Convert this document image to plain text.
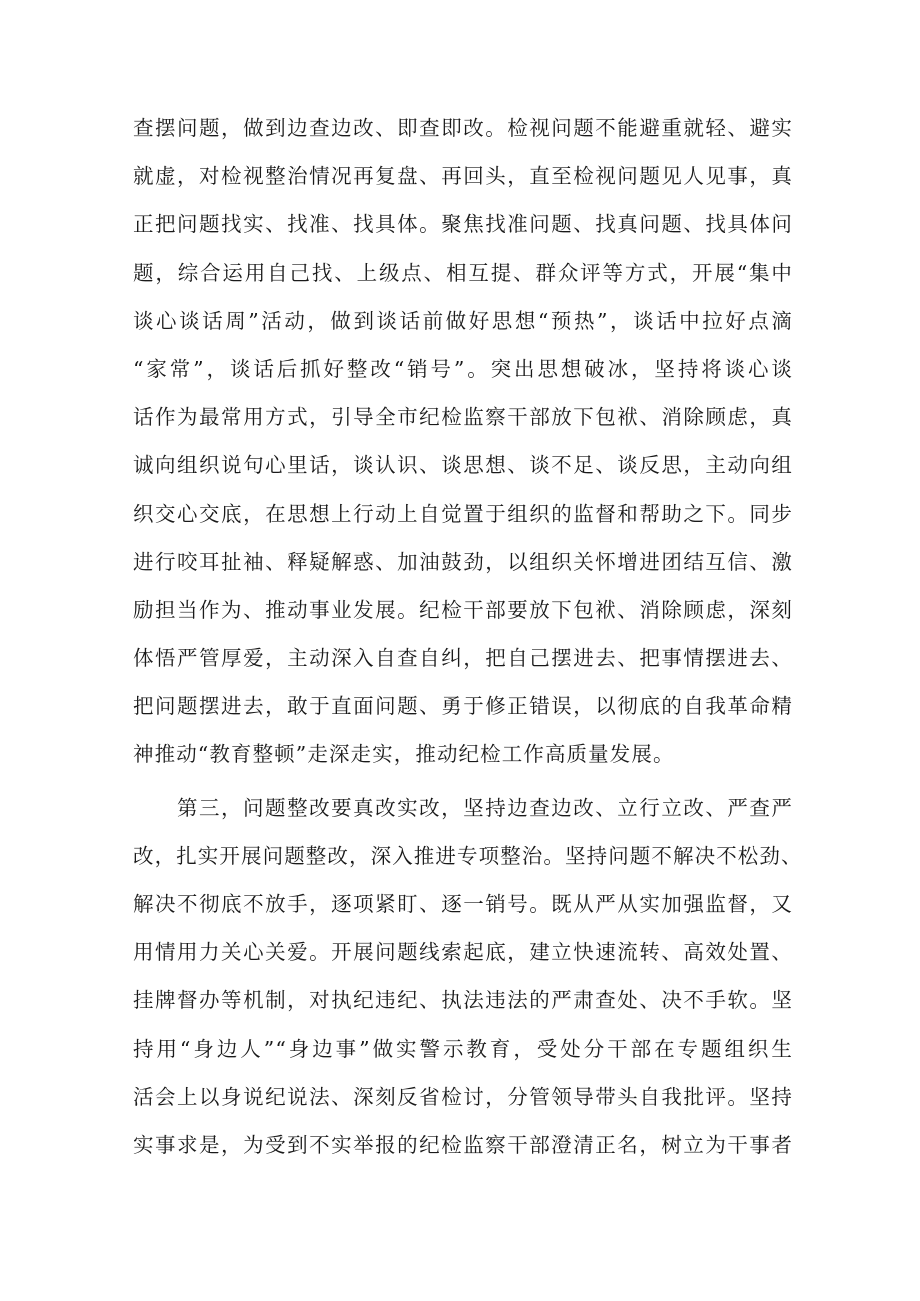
查摆问题，做到边查边改、即查即改。检视问题不能避重就轻、避实
就虚，对检视整治情况再复盘、再回头，直至检视问题见人见事，真
正把问题找实、找准、找具体。聚焦找准问题、找真问题、找具体问
题，综合运用自己找、上级点、相互提、群众评等方式，开展“集中
谈心谈话周”活动，做到谈话前做好思想“预热”，谈话中拉好点滴
“家常”，谈话后抓好整改“销号”。突出思想破冰，坚持将谈心谈
话作为最常用方式，引导全市纪检监察干部放下包袱、消除顾虑，真
诚向组织说句心里话，谈认识、谈思想、谈不足、谈反思，主动向组
织交心交底，在思想上行动上自觉置于组织的监督和帮助之下。同步
进行咬耳扯袖、释疑解惑、加油鼓劲，以组织关怀增进团结互信、激
励担当作为、推动事业发展。纪检干部要放下包袱、消除顾虑，深刻
体悟严管厚爱，主动深入自查自纠，把自己摆进去、把事情摆进去、
把问题摆进去，敢于直面问题、勇于修正错误，以彻底的自我革命精
神推动“教育整顿”走深走实，推动纪检工作高质量发展。
第三，问题整改要真改实改，坚持边查边改、立行立改、严查严
改，扎实开展问题整改，深入推进专项整治。坚持问题不解决不松劲、
解决不彻底不放手，逐项紧盯、逐一销号。既从严从实加强监督，又
用情用力关心关爱。开展问题线索起底，建立快速流转、高效处置、
挂牌督办等机制，对执纪违纪、执法违法的严肃查处、决不手软。坚
持用“身边人”“身边事”做实警示教育，受处分干部在专题组织生
活会上以身说纪说法、深刻反省检讨，分管领导带头自我批评。坚持
实事求是，为受到不实举报的纪检监察干部澄清正名，树立为干事者
